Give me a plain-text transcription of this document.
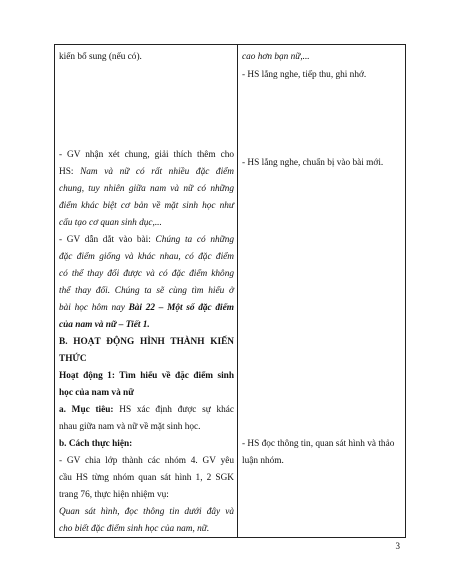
kiến bổ sung (nếu có).
- GV nhận xét chung, giải thích thêm cho
HS: Nam và nữ có rất nhiều đặc điểm
chung, tuy nhiên giữa nam và nữ có những
điểm khác biệt cơ bản về mặt sinh học như
cấu tạo cơ quan sinh dục,...
- GV dẫn dắt vào bài: Chúng ta có những
đặc điểm giống và khác nhau, có đặc điểm
có thể thay đổi được và có đặc điểm không
thể thay đổi. Chúng ta sẽ cùng tìm hiểu ở
bài học hôm nay Bài 22 – Một số đặc điểm
của nam và nữ – Tiết 1.
B. HOẠT ĐỘNG HÌNH THÀNH KIẾN
THỨC
Hoạt động 1: Tìm hiểu về đặc điểm sinh
học của nam và nữ
a. Mục tiêu: HS xác định được sự khác
nhau giữa nam và nữ về mặt sinh học.
b. Cách thực hiện:
- GV chia lớp thành các nhóm 4. GV yêu
cầu HS từng nhóm quan sát hình 1, 2 SGK
trang 76, thực hiện nhiệm vụ:
Quan sát hình, đọc thông tin dưới đây và
cho biết đặc điểm sinh học của nam, nữ.
cao hơn bạn nữ,...
- HS lắng nghe, tiếp thu, ghi nhớ.
- HS lắng nghe, chuẩn bị vào bài mới.
- HS đọc thông tin, quan sát hình và thảo
luận nhóm.
3
